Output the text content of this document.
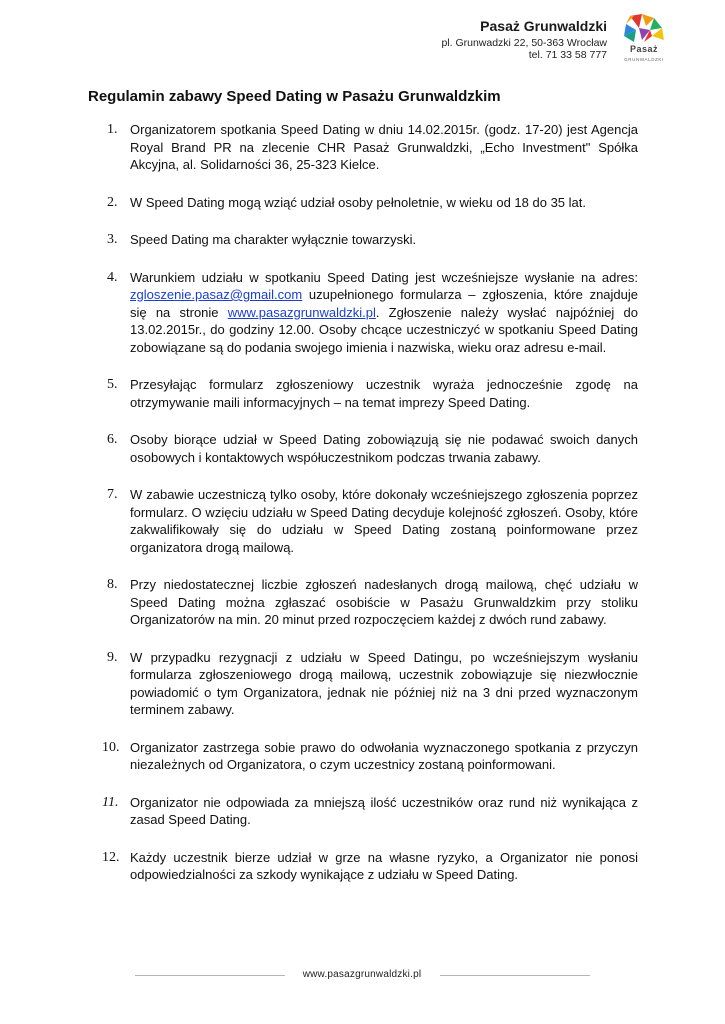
Pasaż Grunwaldzki
pl. Grunwadzki 22, 50-363 Wrocław
tel. 71 33 58 777	Pasaż
GRUNWALDZKI
Regulamin zabawy Speed Dating w Pasażu Grunwaldzkim
1. Organizatorem spotkania Speed Dating w dniu 14.02.2015r. (godz. 17-20) jest Agencja Royal Brand PR na zlecenie CHR Pasaż Grunwaldzki, „Echo Investment" Spółka Akcyjna, al. Solidarności 36, 25-323 Kielce.
2. W Speed Dating mogą wziąć udział osoby pełnoletnie, w wieku od 18 do 35 lat.
3. Speed Dating ma charakter wyłącznie towarzyski.
4. Warunkiem udziału w spotkaniu Speed Dating jest wcześniejsze wysłanie na adres: zgloszenie.pasaz@gmail.com uzupełnionego formularza – zgłoszenia, które znajduje się na stronie www.pasazgrunwaldzki.pl. Zgłoszenie należy wysłać najpóźniej do 13.02.2015r., do godziny 12.00. Osoby chcące uczestniczyć w spotkaniu Speed Dating zobowiązane są do podania swojego imienia i nazwiska, wieku oraz adresu e-mail.
5. Przesyłając formularz zgłoszeniowy uczestnik wyraża jednocześnie zgodę na otrzymywanie maili informacyjnych – na temat imprezy Speed Dating.
6. Osoby biorące udział w Speed Dating zobowiązują się nie podawać swoich danych osobowych i kontaktowych współuczestnikom podczas trwania zabawy.
7. W zabawie uczestniczą tylko osoby, które dokonały wcześniejszego zgłoszenia poprzez formularz. O wzięciu udziału w Speed Dating decyduje kolejność zgłoszeń. Osoby, które zakwalifikowały się do udziału w Speed Dating zostaną poinformowane przez organizatora drogą mailową.
8. Przy niedostatecznej liczbie zgłoszeń nadesłanych drogą mailową, chęć udziału w Speed Dating można zgłaszać osobiście w Pasażu Grunwaldzkim przy stoliku Organizatorów na min. 20 minut przed rozpoczęciem każdej z dwóch rund zabawy.
9. W przypadku rezygnacji z udziału w Speed Datingu, po wcześniejszym wysłaniu formularza zgłoszeniowego drogą mailową, uczestnik zobowiązuje się niezwłocznie powiadomić o tym Organizatora, jednak nie później niż na 3 dni przed wyznaczonym terminem zabawy.
10. Organizator zastrzega sobie prawo do odwołania wyznaczonego spotkania z przyczyn niezależnych od Organizatora, o czym uczestnicy zostaną poinformowani.
11. Organizator nie odpowiada za mniejszą ilość uczestników oraz rund niż wynikająca z zasad Speed Dating.
12. Każdy uczestnik bierze udział w grze na własne ryzyko, a Organizator nie ponosi odpowiedzialności za szkody wynikające z udziału w Speed Dating.
www.pasazgrunwaldzki.pl
